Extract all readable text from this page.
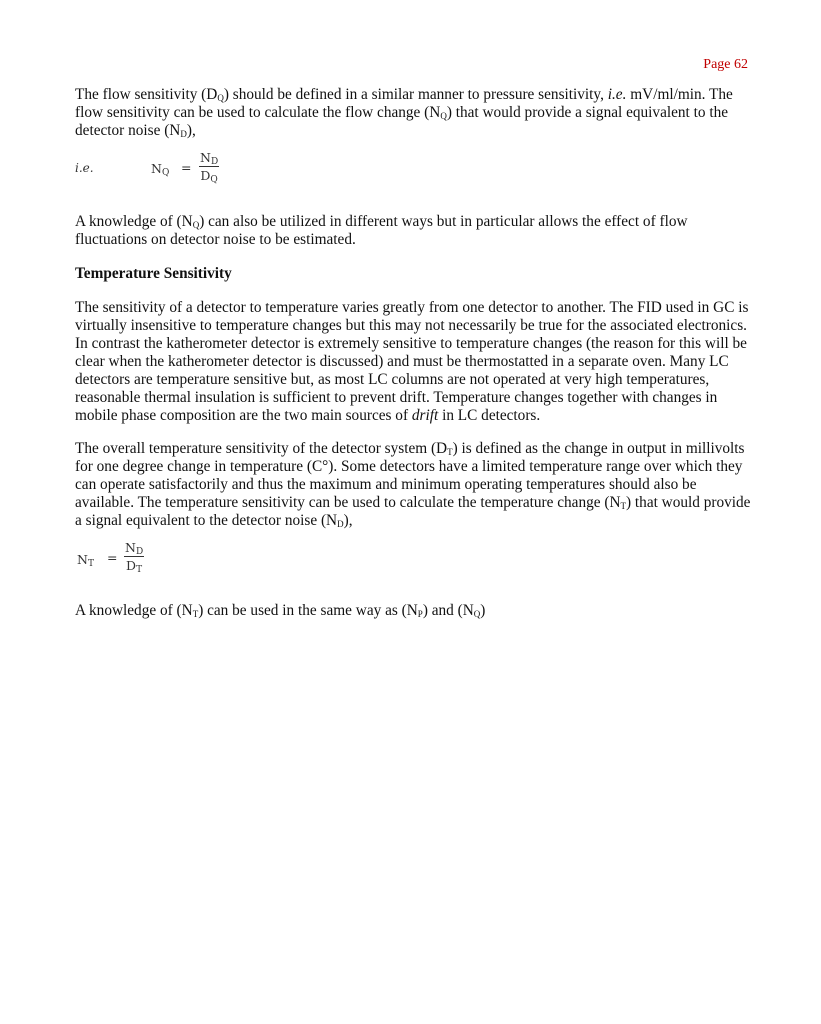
Page 62

The flow sensitivity $(D_Q)$ should be defined in a similar manner to pressure sensitivity, i.e. mV/ml/min. The flow sensitivity can be used to calculate the flow change $(N_Q)$ that would provide a signal equivalent to the detector noise $(N_D)$,

i.e.	$N_Q = \frac{N_D}{D_Q}$

A knowledge of $(N_Q)$ can also be utilized in different ways but in particular allows the effect of flow fluctuations on detector noise to be estimated.

Temperature Sensitivity

The sensitivity of a detector to temperature varies greatly from one detector to another. The FID used in GC is virtually insensitive to temperature changes but this may not necessarily be true for the associated electronics. In contrast the katherometer detector is extremely sensitive to temperature changes (the reason for this will be clear when the katherometer detector is discussed) and must be thermostatted in a separate oven. Many LC detectors are temperature sensitive but, as most LC columns are not operated at very high temperatures, reasonable thermal insulation is sufficient to prevent drift. Temperature changes together with changes in mobile phase composition are the two main sources of drift in LC detectors.

The overall temperature sensitivity of the detector system $(D_T)$ is defined as the change in output in millivolts for one degree change in temperature (C°). Some detectors have a limited temperature range over which they can operate satisfactorily and thus the maximum and minimum operating temperatures should also be available. The temperature sensitivity can be used to calculate the temperature change $(N_T)$ that would provide a signal equivalent to the detector noise $(N_D)$,

$N_T = \frac{N_D}{D_T}$

A knowledge of $(N_T)$ can be used in the same way as $(N_P)$ and $(N_Q)$
